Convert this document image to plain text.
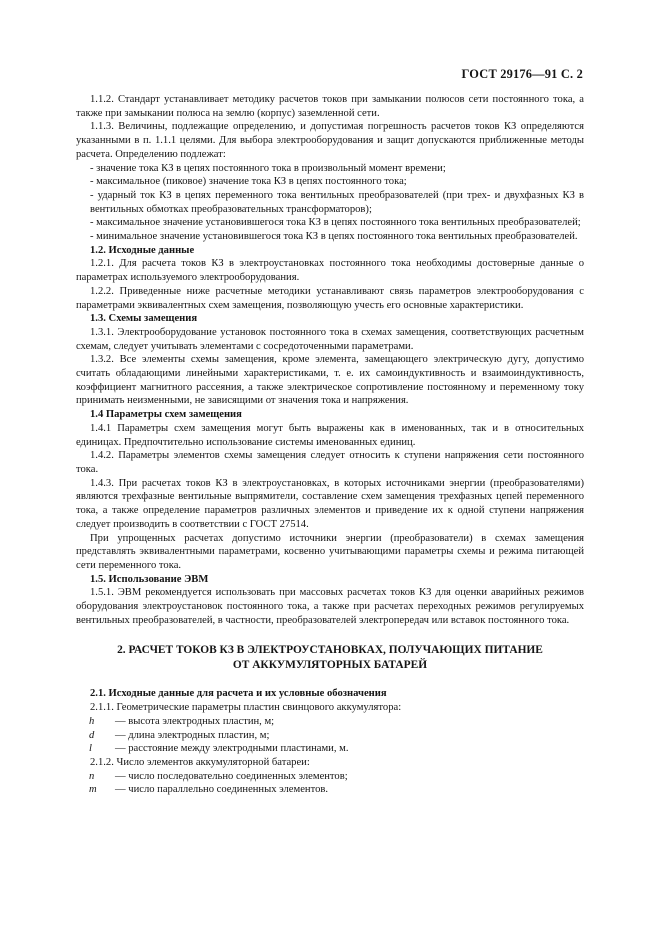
ГОСТ 29176—91 С. 2

1.1.2. Стандарт устанавливает методику расчетов токов при замыкании полюсов сети постоянного тока, а также при замыкании полюса на землю (корпус) заземленной сети.

1.1.3. Величины, подлежащие определению, и допустимая погрешность расчетов токов КЗ определяются указанными в п. 1.1.1 целями. Для выбора электрооборудования и защит допускаются приближенные методы расчета. Определению подлежат:

- значение тока КЗ в цепях постоянного тока в произвольный момент времени;

- максимальное (пиковое) значение тока КЗ в цепях постоянного тока;

- ударный ток КЗ в цепях переменного тока вентильных преобразователей (при трех- и двухфазных КЗ в вентильных обмотках преобразовательных трансформаторов);

- максимальное значение установившегося тока КЗ в цепях постоянного тока вентильных преобразователей;

- минимальное значение установившегося тока КЗ в цепях постоянного тока вентильных преобразователей.

1.2. Исходные данные

1.2.1. Для расчета токов КЗ в электроустановках постоянного тока необходимы достоверные данные о параметрах используемого электрооборудования.

1.2.2. Приведенные ниже расчетные методики устанавливают связь параметров электрооборудования с параметрами эквивалентных схем замещения, позволяющую учесть его основные характеристики.

1.3. Схемы замещения

1.3.1. Электрооборудование установок постоянного тока в схемах замещения, соответствующих расчетным схемам, следует учитывать элементами с сосредоточенными параметрами.

1.3.2. Все элементы схемы замещения, кроме элемента, замещающего электрическую дугу, допустимо считать обладающими линейными характеристиками, т. е. их самоиндуктивность и взаимоиндуктивность, коэффициент магнитного рассеяния, а также электрическое сопротивление постоянному и переменному току принимать неизменными, не зависящими от значения тока и напряжения.

1.4 Параметры схем замещения

1.4.1 Параметры схем замещения могут быть выражены как в именованных, так и в относительных единицах. Предпочтительно использование системы именованных единиц.

1.4.2. Параметры элементов схемы замещения следует относить к ступени напряжения сети постоянного тока.

1.4.3. При расчетах токов КЗ в электроустановках, в которых источниками энергии (преобразователями) являются трехфазные вентильные выпрямители, составление схем замещения трехфазных цепей переменного тока, а также определение параметров различных элементов и приведение их к одной ступени напряжения следует производить в соответствии с ГОСТ 27514.

При упрощенных расчетах допустимо источники энергии (преобразователи) в схемах замещения представлять эквивалентными параметрами, косвенно учитывающими параметры схемы и режима питающей сети переменного тока.

1.5. Использование ЭВМ

1.5.1. ЭВМ рекомендуется использовать при массовых расчетах токов КЗ для оценки аварийных режимов оборудования электроустановок постоянного тока, а также при расчетах переходных режимов регулируемых вентильных преобразователей, в частности, преобразователей электропередач или вставок постоянного тока.

2. РАСЧЕТ ТОКОВ КЗ В ЭЛЕКТРОУСТАНОВКАХ, ПОЛУЧАЮЩИХ ПИТАНИЕ
ОТ АККУМУЛЯТОРНЫХ БАТАРЕЙ

2.1. Исходные данные для расчета и их условные обозначения

2.1.1. Геометрические параметры пластин свинцового аккумулятора:

h	— высота электродных пластин, м;
d	— длина электродных пластин, м;
l	— расстояние между электродными пластинами, м.

2.1.2. Число элементов аккумуляторной батареи:

n	— число последовательно соединенных элементов;
m	— число параллельно соединенных элементов.
